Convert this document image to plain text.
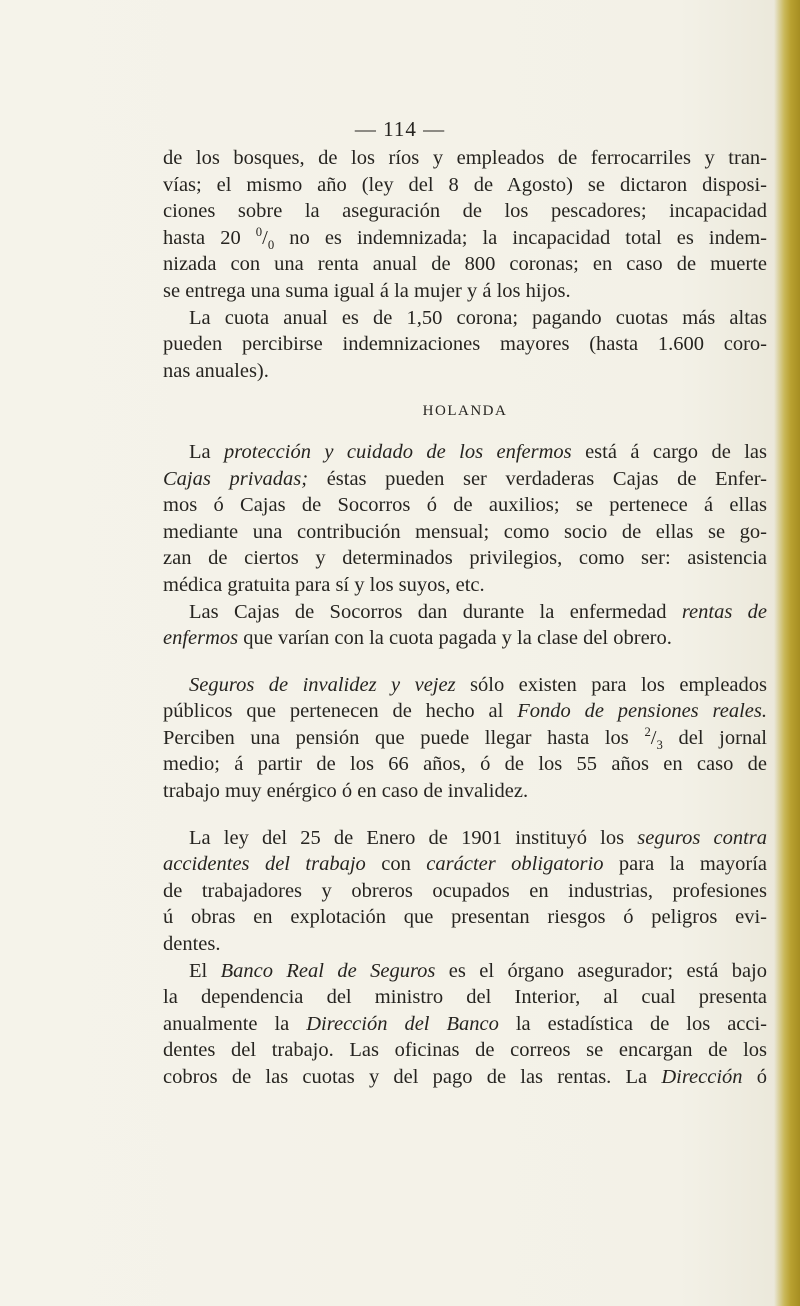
— 114 —

de los bosques, de los ríos y empleados de ferrocarriles y tran-

vías; el mismo año (ley del 8 de Agosto) se dictaron disposi-

ciones sobre la aseguración de los pescadores; incapacidad

hasta 20 $^0/_0$ no es indemnizada; la incapacidad total es indem-

nizada con una renta anual de 800 coronas; en caso de muerte

se entrega una suma igual á la mujer y á los hijos.

La cuota anual es de 1,50 corona; pagando cuotas más altas

pueden percibirse indemnizaciones mayores (hasta 1.600 coro-

nas anuales).

HOLANDA

La protección y cuidado de los enfermos está á cargo de las

Cajas privadas; éstas pueden ser verdaderas Cajas de Enfer-

mos ó Cajas de Socorros ó de auxilios; se pertenece á ellas

mediante una contribución mensual; como socio de ellas se go-

zan de ciertos y determinados privilegios, como ser: asistencia

médica gratuita para sí y los suyos, etc.

Las Cajas de Socorros dan durante la enfermedad rentas de

enfermos que varían con la cuota pagada y la clase del obrero.

Seguros de invalidez y vejez sólo existen para los empleados

públicos que pertenecen de hecho al Fondo de pensiones reales.

Perciben una pensión que puede llegar hasta los $^2/_3$ del jornal

medio; á partir de los 66 años, ó de los 55 años en caso de

trabajo muy enérgico ó en caso de invalidez.

La ley del 25 de Enero de 1901 instituyó los seguros contra

accidentes del trabajo con carácter obligatorio para la mayoría

de trabajadores y obreros ocupados en industrias, profesiones

ú obras en explotación que presentan riesgos ó peligros evi-

dentes.

El Banco Real de Seguros es el órgano asegurador; está bajo

la dependencia del ministro del Interior, al cual presenta

anualmente la Dirección del Banco la estadística de los acci-

dentes del trabajo. Las oficinas de correos se encargan de los

cobros de las cuotas y del pago de las rentas. La Dirección ó
